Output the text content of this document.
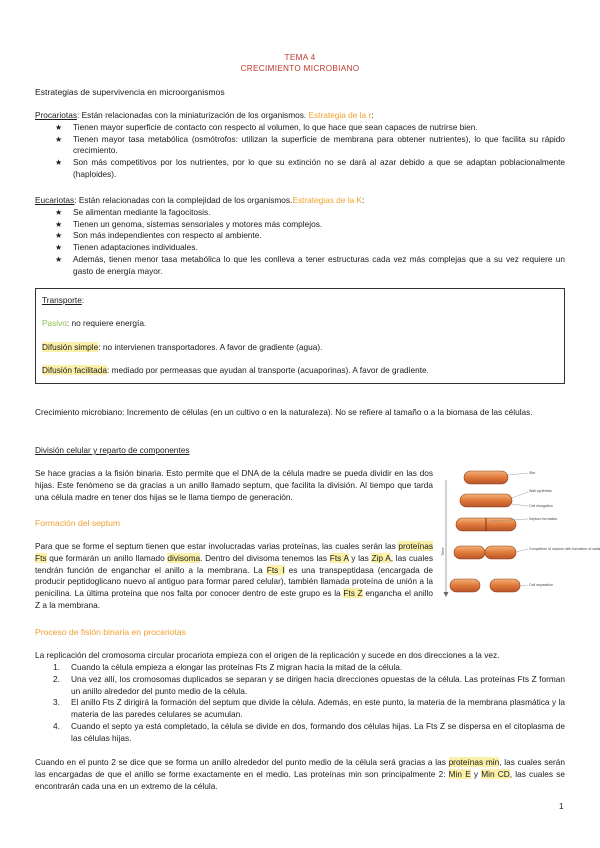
TEMA 4
CRECIMIENTO MICROBIANO
Estrategias de supervivencia en microorganismos
Procariotas: Están relacionadas con la miniaturización de los organismos. Estrategia de la r:
★ Tienen mayor superficie de contacto con respecto al volumen, lo que hace que sean capaces de nutrirse bien.
★ Tienen mayor tasa metabólica (osmótrofos: utilizan la superficie de membrana para obtener nutrientes), lo que facilita su rápido crecimiento.
★ Son más competitivos por los nutrientes, por lo que su extinción no se dará al azar debido a que se adaptan poblacionalmente (haploides).
Eucariotas: Están relacionadas con la complejidad de los organismos.Estrategias de la K:
★ Se alimentan mediante la fagocitosis.
★ Tienen un genoma, sistemas sensoriales y motores más complejos.
★ Son más independientes con respecto al ambiente.
★ Tienen adaptaciones individuales.
★ Además, tienen menor tasa metabólica lo que les conlleva a tener estructuras cada vez más complejas que a su vez requiere un gasto de energía mayor.

Transporte:

Pasivo: no requiere energía.

Difusión simple: no intervienen transportadores. A favor de gradiente (agua).

Difusión facilitada: mediado por permeasas que ayudan al transporte (acuaporinas). A favor de gradiente.

Crecimiento microbiano: Incremento de células (en un cultivo o en la naturaleza). No se refiere al tamaño o a la biomasa de las células.
División celular y reparto de componentes
Se hace gracias a la fisión binaria. Esto permite que el DNA de la célula madre se pueda dividir en las dos hijas. Este fenómeno se da gracias a un anillo llamado septum, que facilita la división. Al tiempo que tarda una célula madre en tener dos hijas se le llama tiempo de generación.
Formación del septum
Para que se forme el septum tienen que estar involucradas varias proteínas, las cuales serán las proteínas Fts que formarán un anillo llamado divisoma. Dentro del divisoma tenemos las Fts A y las Zip A, las cuales tendrán función de enganchar el anillo a la membrana. La Fts I es una transpeptidasa (encargada de producir peptidoglicano nuevo al antiguo para formar pared celular), también llamada proteína de unión a la penicilina. La última proteína que nos falta por conocer dentro de este grupo es la Fts Z engancha el anillo Z a la membrana.
Time
Site
Wall synthesis
Cell elongation
Septum formation
Completion of septum with formation of walls
Cell separation
Proceso de fisión binaria en procariotas
La replicación del cromosoma circular procariota empieza con el origen de la replicación y sucede en dos direcciones a la vez.
1. Cuando la célula empieza a elongar las proteínas Fts Z migran hacia la mitad de la célula.
2. Una vez allí, los cromosomas duplicados se separan y se dirigen hacia direcciones opuestas de la célula. Las proteínas Fts Z forman un anillo alrededor del punto medio de la célula.
3. El anillo Fts Z dirigirá la formación del septum que divide la célula. Además, en este punto, la materia de la membrana plasmática y la materia de las paredes celulares se acumulan.
4. Cuando el septo ya está completado, la célula se divide en dos, formando dos células hijas. La Fts Z se dispersa en el citoplasma de las células hijas.
Cuando en el punto 2 se dice que se forma un anillo alrededor del punto medio de la célula será gracias a las proteínas min, las cuales serán las encargadas de que el anillo se forme exactamente en el medio. Las proteínas min son principalmente 2: Min E y Min CD, las cuales se encontrarán cada una en un extremo de la célula.
1
